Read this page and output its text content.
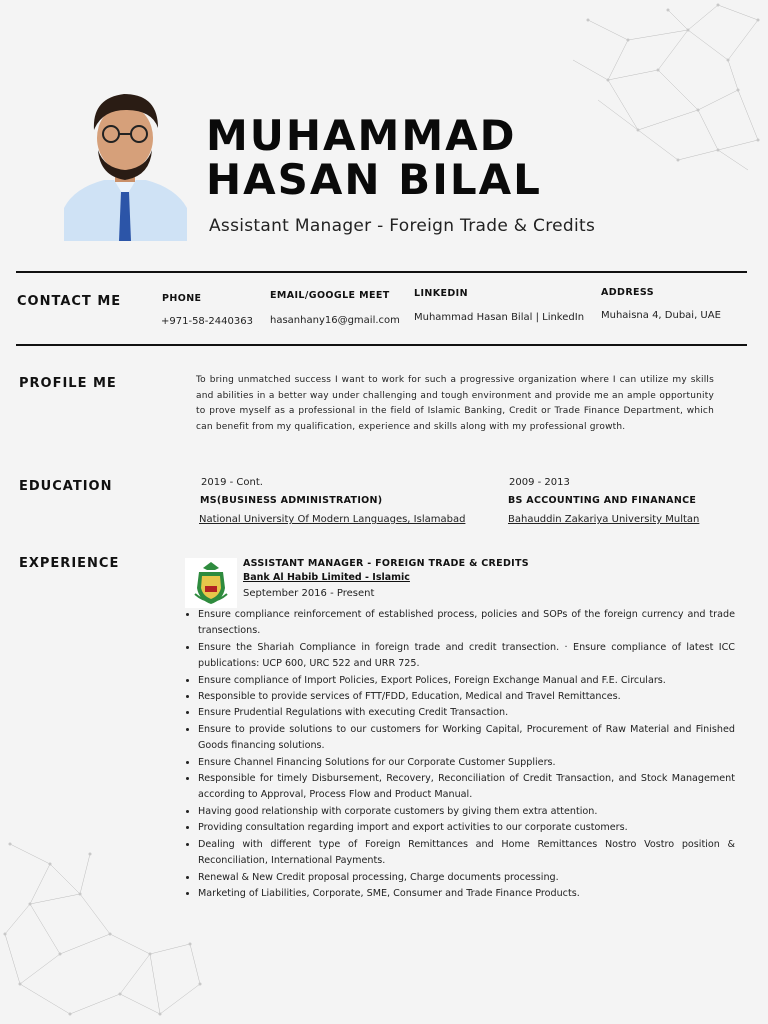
MUHAMMAD
HASAN BILAL
Assistant Manager - Foreign Trade & Credits
CONTACT ME	PHONE
+971-58-2440363
EMAIL/GOOGLE MEET
hasanhany16@gmail.com
LINKEDIN
Muhammad Hasan Bilal | LinkedIn
ADDRESS
Muhaisna 4, Dubai, UAE
PROFILE ME	To bring unmatched success I want to work for such a progressive organization where I can utilize my skills and abilities in a better way under challenging and tough environment and provide me an ample opportunity to prove myself as a professional in the field of Islamic Banking, Credit or Trade Finance Department, which can benefit from my qualification, experience and skills along with my professional growth.
EDUCATION	2019 - Cont.
MS(BUSINESS ADMINISTRATION)
National University Of Modern Languages, Islamabad
2009 - 2013
BS ACCOUNTING AND FINANANCE
Bahauddin Zakariya University Multan
EXPERIENCE	ASSISTANT MANAGER - FOREIGN TRADE & CREDITS
Bank Al Habib Limited - Islamic
September 2016 - Present
• Ensure compliance reinforcement of established process, policies and SOPs of the foreign currency and trade transections.
• Ensure the Shariah Compliance in foreign trade and credit transection. · Ensure compliance of latest ICC publications: UCP 600, URC 522 and URR 725.
• Ensure compliance of Import Policies, Export Polices, Foreign Exchange Manual and F.E. Circulars.
• Responsible to provide services of FTT/FDD, Education, Medical and Travel Remittances.
• Ensure Prudential Regulations with executing Credit Transaction.
• Ensure to provide solutions to our customers for Working Capital, Procurement of Raw Material and Finished Goods financing solutions.
• Ensure Channel Financing Solutions for our Corporate Customer Suppliers.
• Responsible for timely Disbursement, Recovery, Reconciliation of Credit Transaction, and Stock Management according to Approval, Process Flow and Product Manual.
• Having good relationship with corporate customers by giving them extra attention.
• Providing consultation regarding import and export activities to our corporate customers.
• Dealing with different type of Foreign Remittances and Home Remittances Nostro Vostro position & Reconciliation, International Payments.
• Renewal & New Credit proposal processing, Charge documents processing.
• Marketing of Liabilities, Corporate, SME, Consumer and Trade Finance Products.
